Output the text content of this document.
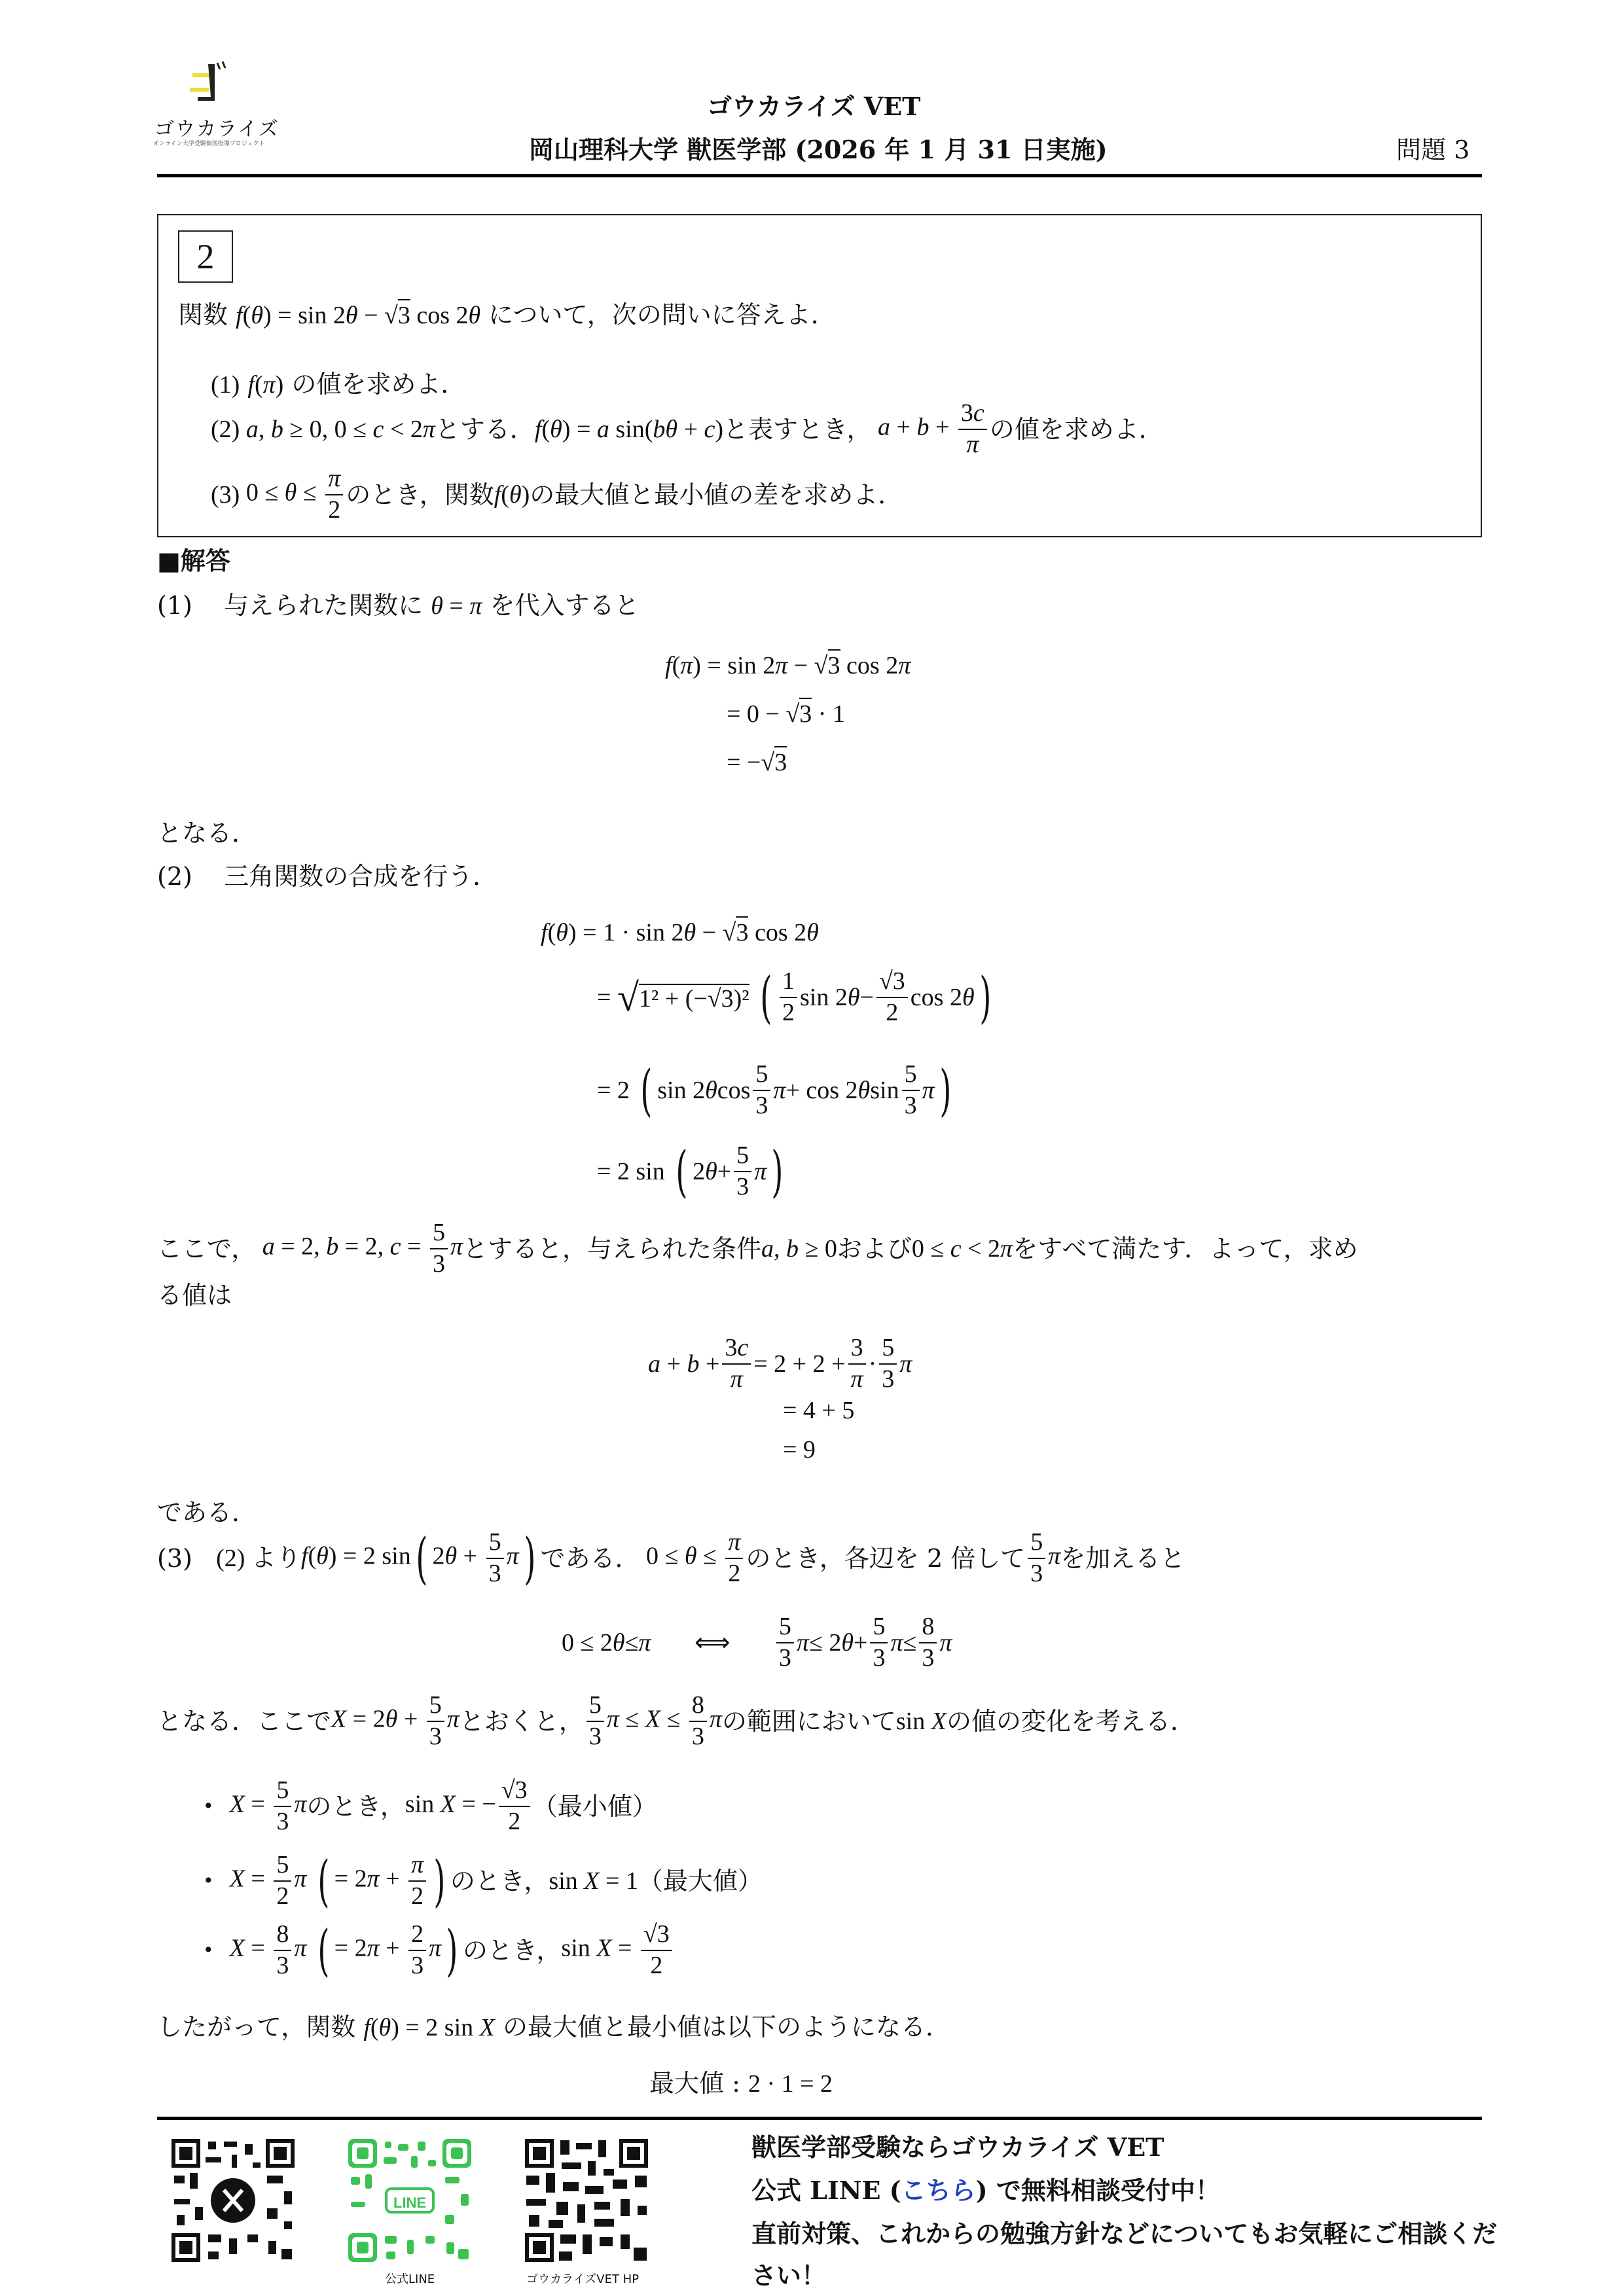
ゴウカライズ
オンライン大学受験個別指導プロジェクト
ゴウカライズ VET
岡山理科大学 獣医学部 (2026 年 1 月 31 日実施)	問題 3
2
関数 f(θ) = sin 2θ − √3 cos 2θ について，次の問いに答えよ．
(1) f(π) の値を求めよ．
(2) a, b ≥ 0, 0 ≤ c < 2π とする． f(θ) = a sin(bθ + c) と表すとき， $a + b + \frac{3c}{\pi}$ の値を求めよ．
(3) $0 \le \theta \le \frac{\pi}{2}$ のとき，関数 f(θ) の最大値と最小値の差を求めよ．
■解答
(1) 与えられた関数に θ = π を代入すると
f(π) = sin 2π − √3 cos 2π
= 0 − √3 · 1
= −√3
となる．
(2) 三角関数の合成を行う．
f(θ) = 1 · sin 2θ − √3 cos 2θ
= √ 1² + (−√3)²
( $\frac{1}{2}$ sin 2 $\theta - \frac{√3}{2}$ cos 2 θ )
= 2 ( sin 2 θ $\cos \frac{5}{3}$ π + cos 2 θ $\sin \frac{5}{3}$ π )
= 2 sin ( 2 $\theta + \frac{5}{3}$ π )
ここで， a = 2, b = 2, $c = \frac{5}{3}$ π とすると，与えられた条件 a, b ≥ 0 および 0 ≤ c < 2π をすべて満たす．よって，求め
る値は
$a + b + \frac{3c}{\pi} = 2 + 2 + \frac{3}{\pi} \cdot \frac{5}{3}$ π
= 4 + 5
= 9
である．
(3)
(2) より f(θ) = 2 sin( $2\theta + \frac{5}{3} \pi$) である． $0 \le \theta \le \frac{\pi}{2}$ のとき，各辺を 2 倍して $\frac{5}{3}$ π を加えると
0 ≤ 2 θ ≤ π ⟺ $\frac{5}{3}$ π ≤ 2 $\theta + \frac{5}{3}$ $\pi \le \frac{8}{3}$ π
となる．ここで $X = 2\theta + \frac{5}{3}$ π とおくと， $\frac{5}{3}$ $\pi \le X \le \frac{8}{3}$ π の範囲において sin X の値の変化を考える．
•
$X = \frac{5}{3}$ π のとき， sin X = − $\frac{√3}{2}$ （最小値）
•
$X = \frac{5}{2}$ π ( = $2\pi + \frac{\pi}{2}$ ) のとき， sin X = 1 （最大値）
•
$X = \frac{8}{3}$ π ( = $2\pi + \frac{2}{3} \pi$) のとき， $\sin X = \frac{√3}{2}$
したがって，関数 f(θ) = 2 sin X の最大値と最小値は以下のようになる．
最大値 : 2 · 1 = 2
LINE
公式LINE	ゴウカライズVET HP
獣医学部受験ならゴウカライズ VET
公式 LINE (こちら) で無料相談受付中！
直前対策、これからの勉強方針などについてもお気軽にご相談くだ
さい！
